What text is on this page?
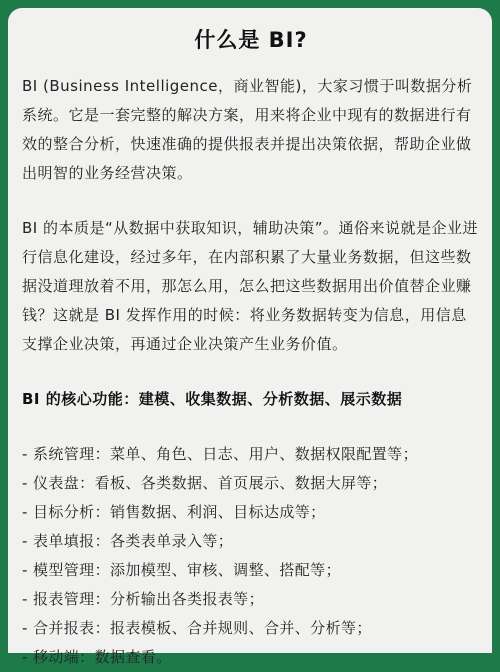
什么是 BI?

BI (Business Intelligence，商业智能)，大家习惯于叫数据分析系统。它是一套完整的解决方案，用来将企业中现有的数据进行有效的整合分析，快速准确的提供报表并提出决策依据，帮助企业做出明智的业务经营决策。

BI 的本质是“从数据中获取知识，辅助决策”。通俗来说就是企业进行信息化建设，经过多年，在内部积累了大量业务数据，但这些数据没道理放着不用，那怎么用，怎么把这些数据用出价值替企业赚钱？这就是 BI 发挥作用的时候：将业务数据转变为信息，用信息支撑企业决策，再通过企业决策产生业务价值。

BI 的核心功能：建模、收集数据、分析数据、展示数据

- 系统管理：菜单、角色、日志、用户、数据权限配置等；
- 仪表盘：看板、各类数据、首页展示、数据大屏等；
- 目标分析：销售数据、利润、目标达成等；
- 表单填报：各类表单录入等；
- 模型管理：添加模型、审核、调整、搭配等；
- 报表管理：分析输出各类报表等；
- 合并报表：报表模板、合并规则、合并、分析等；
- 移动端：数据查看。
